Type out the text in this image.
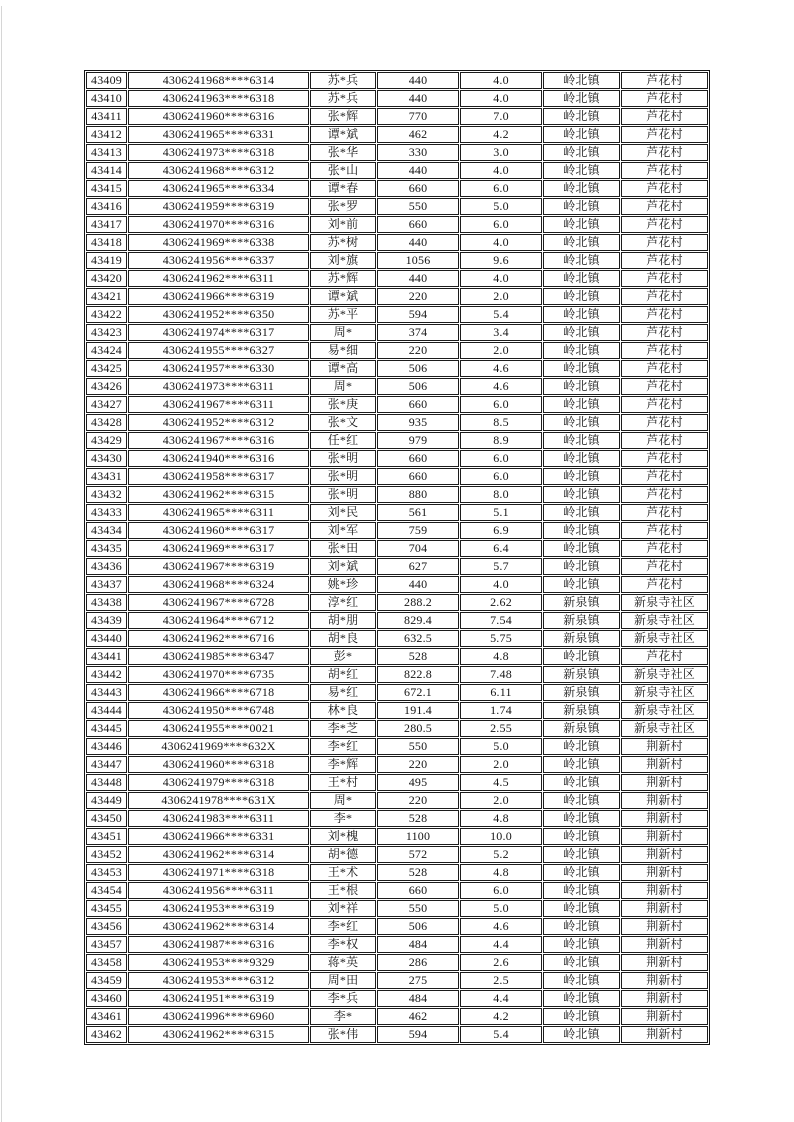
43409	4306241968****6314	苏*兵	440	4.0	岭北镇	芦花村
43410	4306241963****6318	苏*兵	440	4.0	岭北镇	芦花村
43411	4306241960****6316	张*辉	770	7.0	岭北镇	芦花村
43412	4306241965****6331	谭*斌	462	4.2	岭北镇	芦花村
43413	4306241973****6318	张*华	330	3.0	岭北镇	芦花村
43414	4306241968****6312	张*山	440	4.0	岭北镇	芦花村
43415	4306241965****6334	谭*春	660	6.0	岭北镇	芦花村
43416	4306241959****6319	张*罗	550	5.0	岭北镇	芦花村
43417	4306241970****6316	刘*前	660	6.0	岭北镇	芦花村
43418	4306241969****6338	苏*树	440	4.0	岭北镇	芦花村
43419	4306241956****6337	刘*旗	1056	9.6	岭北镇	芦花村
43420	4306241962****6311	苏*辉	440	4.0	岭北镇	芦花村
43421	4306241966****6319	谭*斌	220	2.0	岭北镇	芦花村
43422	4306241952****6350	苏*平	594	5.4	岭北镇	芦花村
43423	4306241974****6317	周*	374	3.4	岭北镇	芦花村
43424	4306241955****6327	易*细	220	2.0	岭北镇	芦花村
43425	4306241957****6330	谭*高	506	4.6	岭北镇	芦花村
43426	4306241973****6311	周*	506	4.6	岭北镇	芦花村
43427	4306241967****6311	张*庚	660	6.0	岭北镇	芦花村
43428	4306241952****6312	张*文	935	8.5	岭北镇	芦花村
43429	4306241967****6316	任*红	979	8.9	岭北镇	芦花村
43430	4306241940****6316	张*明	660	6.0	岭北镇	芦花村
43431	4306241958****6317	张*明	660	6.0	岭北镇	芦花村
43432	4306241962****6315	张*明	880	8.0	岭北镇	芦花村
43433	4306241965****6311	刘*民	561	5.1	岭北镇	芦花村
43434	4306241960****6317	刘*军	759	6.9	岭北镇	芦花村
43435	4306241969****6317	张*田	704	6.4	岭北镇	芦花村
43436	4306241967****6319	刘*斌	627	5.7	岭北镇	芦花村
43437	4306241968****6324	姚*珍	440	4.0	岭北镇	芦花村
43438	4306241967****6728	淳*红	288.2	2.62	新泉镇	新泉寺社区
43439	4306241964****6712	胡*朋	829.4	7.54	新泉镇	新泉寺社区
43440	4306241962****6716	胡*良	632.5	5.75	新泉镇	新泉寺社区
43441	4306241985****6347	彭*	528	4.8	岭北镇	芦花村
43442	4306241970****6735	胡*红	822.8	7.48	新泉镇	新泉寺社区
43443	4306241966****6718	易*红	672.1	6.11	新泉镇	新泉寺社区
43444	4306241950****6748	林*良	191.4	1.74	新泉镇	新泉寺社区
43445	4306241955****0021	李*芝	280.5	2.55	新泉镇	新泉寺社区
43446	4306241969****632X	李*红	550	5.0	岭北镇	荆新村
43447	4306241960****6318	李*辉	220	2.0	岭北镇	荆新村
43448	4306241979****6318	王*村	495	4.5	岭北镇	荆新村
43449	4306241978****631X	周*	220	2.0	岭北镇	荆新村
43450	4306241983****6311	李*	528	4.8	岭北镇	荆新村
43451	4306241966****6331	刘*槐	1100	10.0	岭北镇	荆新村
43452	4306241962****6314	胡*德	572	5.2	岭北镇	荆新村
43453	4306241971****6318	王*术	528	4.8	岭北镇	荆新村
43454	4306241956****6311	王*根	660	6.0	岭北镇	荆新村
43455	4306241953****6319	刘*祥	550	5.0	岭北镇	荆新村
43456	4306241962****6314	李*红	506	4.6	岭北镇	荆新村
43457	4306241987****6316	李*权	484	4.4	岭北镇	荆新村
43458	4306241953****9329	蒋*英	286	2.6	岭北镇	荆新村
43459	4306241953****6312	周*田	275	2.5	岭北镇	荆新村
43460	4306241951****6319	李*兵	484	4.4	岭北镇	荆新村
43461	4306241996****6960	李*	462	4.2	岭北镇	荆新村
43462	4306241962****6315	张*伟	594	5.4	岭北镇	荆新村
